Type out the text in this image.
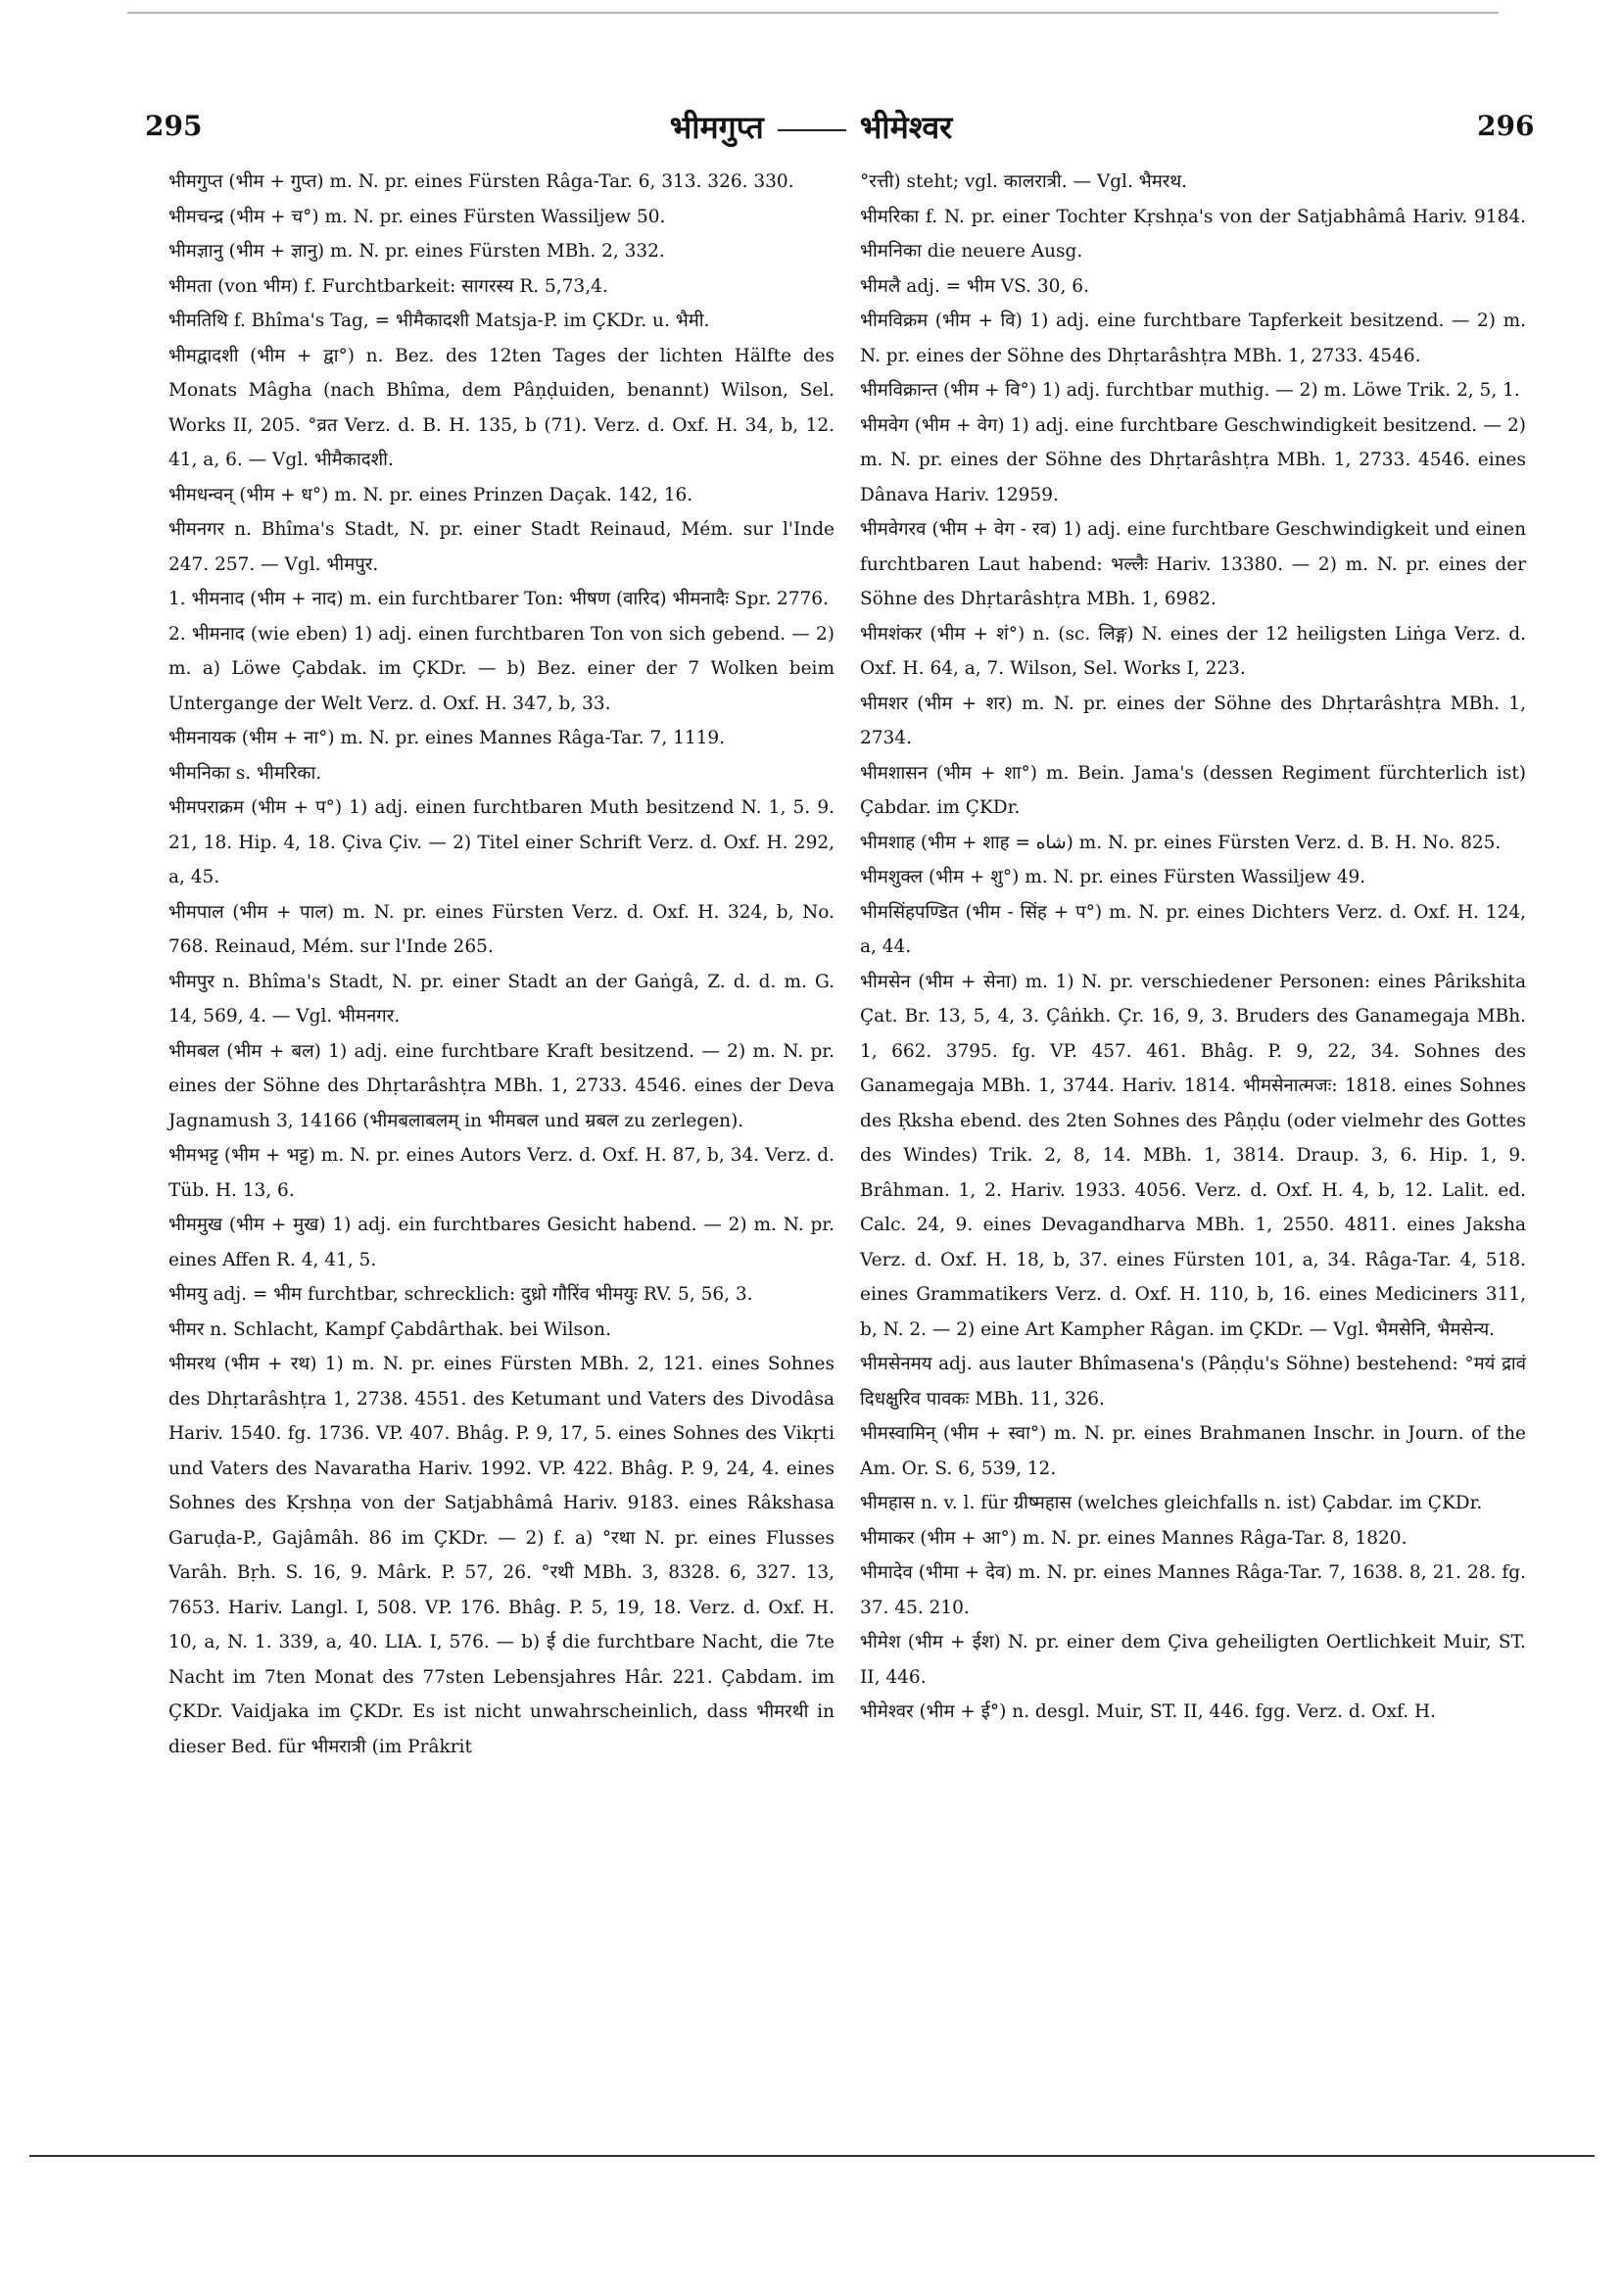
295	भीमगुप्त	भीमेश्वर	296

भीमगुप्त (भीम + गुप्त) m. N. pr. eines Fürsten Râga-Tar. 6, 313. 326. 330.

भीमचन्द्र (भीम + च°) m. N. pr. eines Fürsten Wassiljew 50.

भीमज्ञानु (भीम + ज्ञानु) m. N. pr. eines Fürsten MBh. 2, 332.

भीमता (von भीम) f. Furchtbarkeit: सागरस्य R. 5,73,4.

भीमतिथि f. Bhîma's Tag, = भीमैकादशी Matsja-P. im ÇKDr. u. भैमी.

भीमद्वादशी (भीम + द्वा°) n. Bez. des 12ten Tages der lichten Hälfte des Monats Mâgha (nach Bhîma, dem Pâṇḍuiden, benannt) Wilson, Sel. Works II, 205. °व्रत Verz. d. B. H. 135, b (71). Verz. d. Oxf. H. 34, b, 12. 41, a, 6. — Vgl. भीमैकादशी.

भीमधन्वन् (भीम + ध°) m. N. pr. eines Prinzen Daçak. 142, 16.

भीमनगर n. Bhîma's Stadt, N. pr. einer Stadt Reinaud, Mém. sur l'Inde 247. 257. — Vgl. भीमपुर.

1. भीमनाद (भीम + नाद) m. ein furchtbarer Ton: भीषण (वारिद) भीमनादैः Spr. 2776.

2. भीमनाद (wie eben) 1) adj. einen furchtbaren Ton von sich gebend. — 2) m. a) Löwe Çabdak. im ÇKDr. — b) Bez. einer der 7 Wolken beim Untergange der Welt Verz. d. Oxf. H. 347, b, 33.

भीमनायक (भीम + ना°) m. N. pr. eines Mannes Râga-Tar. 7, 1119.

भीमनिका s. भीमरिका.

भीमपराक्रम (भीम + प°) 1) adj. einen furchtbaren Muth besitzend N. 1, 5. 9. 21, 18. Hip. 4, 18. Çiva Çiv. — 2) Titel einer Schrift Verz. d. Oxf. H. 292, a, 45.

भीमपाल (भीम + पाल) m. N. pr. eines Fürsten Verz. d. Oxf. H. 324, b, No. 768. Reinaud, Mém. sur l'Inde 265.

भीमपुर n. Bhîma's Stadt, N. pr. einer Stadt an der Gaṅgâ, Z. d. d. m. G. 14, 569, 4. — Vgl. भीमनगर.

भीमबल (भीम + बल) 1) adj. eine furchtbare Kraft besitzend. — 2) m. N. pr. eines der Söhne des Dhṛtarâshṭra MBh. 1, 2733. 4546. eines der Deva Jagnamush 3, 14166 (भीमबलाबलम् in भीमबल und म्रबल zu zerlegen).

भीमभट्ट (भीम + भट्ट) m. N. pr. eines Autors Verz. d. Oxf. H. 87, b, 34. Verz. d. Tüb. H. 13, 6.

भीममुख (भीम + मुख) 1) adj. ein furchtbares Gesicht habend. — 2) m. N. pr. eines Affen R. 4, 41, 5.

भीमयु adj. = भीम furchtbar, schrecklich: दुध्रो गौरिंव भीमयुः RV. 5, 56, 3.

भीमर n. Schlacht, Kampf Çabdârthak. bei Wilson.

भीमरथ (भीम + रथ) 1) m. N. pr. eines Fürsten MBh. 2, 121. eines Sohnes des Dhṛtarâshṭra 1, 2738. 4551. des Ketumant und Vaters des Divodâsa Hariv. 1540. fg. 1736. VP. 407. Bhâg. P. 9, 17, 5. eines Sohnes des Vikṛti und Vaters des Navaratha Hariv. 1992. VP. 422. Bhâg. P. 9, 24, 4. eines Sohnes des Kṛshṇa von der Satjabhâmâ Hariv. 9183. eines Râkshasa Garuḍa-P., Gajâmâh. 86 im ÇKDr. — 2) f. a) °रथा N. pr. eines Flusses Varâh. Bṛh. S. 16, 9. Mârk. P. 57, 26. °रथी MBh. 3, 8328. 6, 327. 13, 7653. Hariv. Langl. I, 508. VP. 176. Bhâg. P. 5, 19, 18. Verz. d. Oxf. H. 10, a, N. 1. 339, a, 40. LIA. I, 576. — b) ई die furchtbare Nacht, die 7te Nacht im 7ten Monat des 77sten Lebensjahres Hâr. 221. Çabdam. im ÇKDr. Vaidjaka im ÇKDr. Es ist nicht unwahrscheinlich, dass भीमरथी in dieser Bed. für भीमरात्री (im Prâkrit

°रत्ती) steht; vgl. कालरात्री. — Vgl. भैमरथ.

भीमरिका f. N. pr. einer Tochter Kṛshṇa's von der Satjabhâmâ Hariv. 9184. भीमनिका die neuere Ausg.

भीमलै adj. = भीम VS. 30, 6.

भीमविक्रम (भीम + वि) 1) adj. eine furchtbare Tapferkeit besitzend. — 2) m. N. pr. eines der Söhne des Dhṛtarâshṭra MBh. 1, 2733. 4546.

भीमविक्रान्त (भीम + वि°) 1) adj. furchtbar muthig. — 2) m. Löwe Trik. 2, 5, 1.

भीमवेग (भीम + वेग) 1) adj. eine furchtbare Geschwindigkeit besitzend. — 2) m. N. pr. eines der Söhne des Dhṛtarâshṭra MBh. 1, 2733. 4546. eines Dânava Hariv. 12959.

भीमवेगरव (भीम + वेग - रव) 1) adj. eine furchtbare Geschwindigkeit und einen furchtbaren Laut habend: भल्लैः Hariv. 13380. — 2) m. N. pr. eines der Söhne des Dhṛtarâshṭra MBh. 1, 6982.

भीमशंकर (भीम + शं°) n. (sc. लिङ्ग) N. eines der 12 heiligsten Liṅga Verz. d. Oxf. H. 64, a, 7. Wilson, Sel. Works I, 223.

भीमशर (भीम + शर) m. N. pr. eines der Söhne des Dhṛtarâshṭra MBh. 1, 2734.

भीमशासन (भीम + शा°) m. Bein. Jama's (dessen Regiment fürchterlich ist) Çabdar. im ÇKDr.

भीमशाह (भीम + शाह = شاه) m. N. pr. eines Fürsten Verz. d. B. H. No. 825.

भीमशुक्ल (भीम + शु°) m. N. pr. eines Fürsten Wassiljew 49.

भीमसिंहपण्डित (भीम - सिंह + प°) m. N. pr. eines Dichters Verz. d. Oxf. H. 124, a, 44.

भीमसेन (भीम + सेना) m. 1) N. pr. verschiedener Personen: eines Pârikshita Çat. Br. 13, 5, 4, 3. Çâṅkh. Çr. 16, 9, 3. Bruders des Ganamegaja MBh. 1, 662. 3795. fg. VP. 457. 461. Bhâg. P. 9, 22, 34. Sohnes des Ganamegaja MBh. 1, 3744. Hariv. 1814. भीमसेनात्मजः: 1818. eines Sohnes des Ṛksha ebend. des 2ten Sohnes des Pâṇḍu (oder vielmehr des Gottes des Windes) Trik. 2, 8, 14. MBh. 1, 3814. Draup. 3, 6. Hip. 1, 9. Brâhman. 1, 2. Hariv. 1933. 4056. Verz. d. Oxf. H. 4, b, 12. Lalit. ed. Calc. 24, 9. eines Devagandharva MBh. 1, 2550. 4811. eines Jaksha Verz. d. Oxf. H. 18, b, 37. eines Fürsten 101, a, 34. Râga-Tar. 4, 518. eines Grammatikers Verz. d. Oxf. H. 110, b, 16. eines Mediciners 311, b, N. 2. — 2) eine Art Kampher Râgan. im ÇKDr. — Vgl. भैमसेनि, भैमसेन्य.

भीमसेनमय adj. aus lauter Bhîmasena's (Pâṇḍu's Söhne) bestehend: °मयं द्रावं दिधक्षुरिव पावकः MBh. 11, 326.

भीमस्वामिन् (भीम + स्वा°) m. N. pr. eines Brahmanen Inschr. in Journ. of the Am. Or. S. 6, 539, 12.

भीमहास n. v. l. für ग्रीष्महास (welches gleichfalls n. ist) Çabdar. im ÇKDr.

भीमाकर (भीम + आ°) m. N. pr. eines Mannes Râga-Tar. 8, 1820.

भीमादेव (भीमा + देव) m. N. pr. eines Mannes Râga-Tar. 7, 1638. 8, 21. 28. fg. 37. 45. 210.

भीमेश (भीम + ईश) N. pr. einer dem Çiva geheiligten Oertlichkeit Muir, ST. II, 446.

भीमेश्वर (भीम + ई°) n. desgl. Muir, ST. II, 446. fgg. Verz. d. Oxf. H.
